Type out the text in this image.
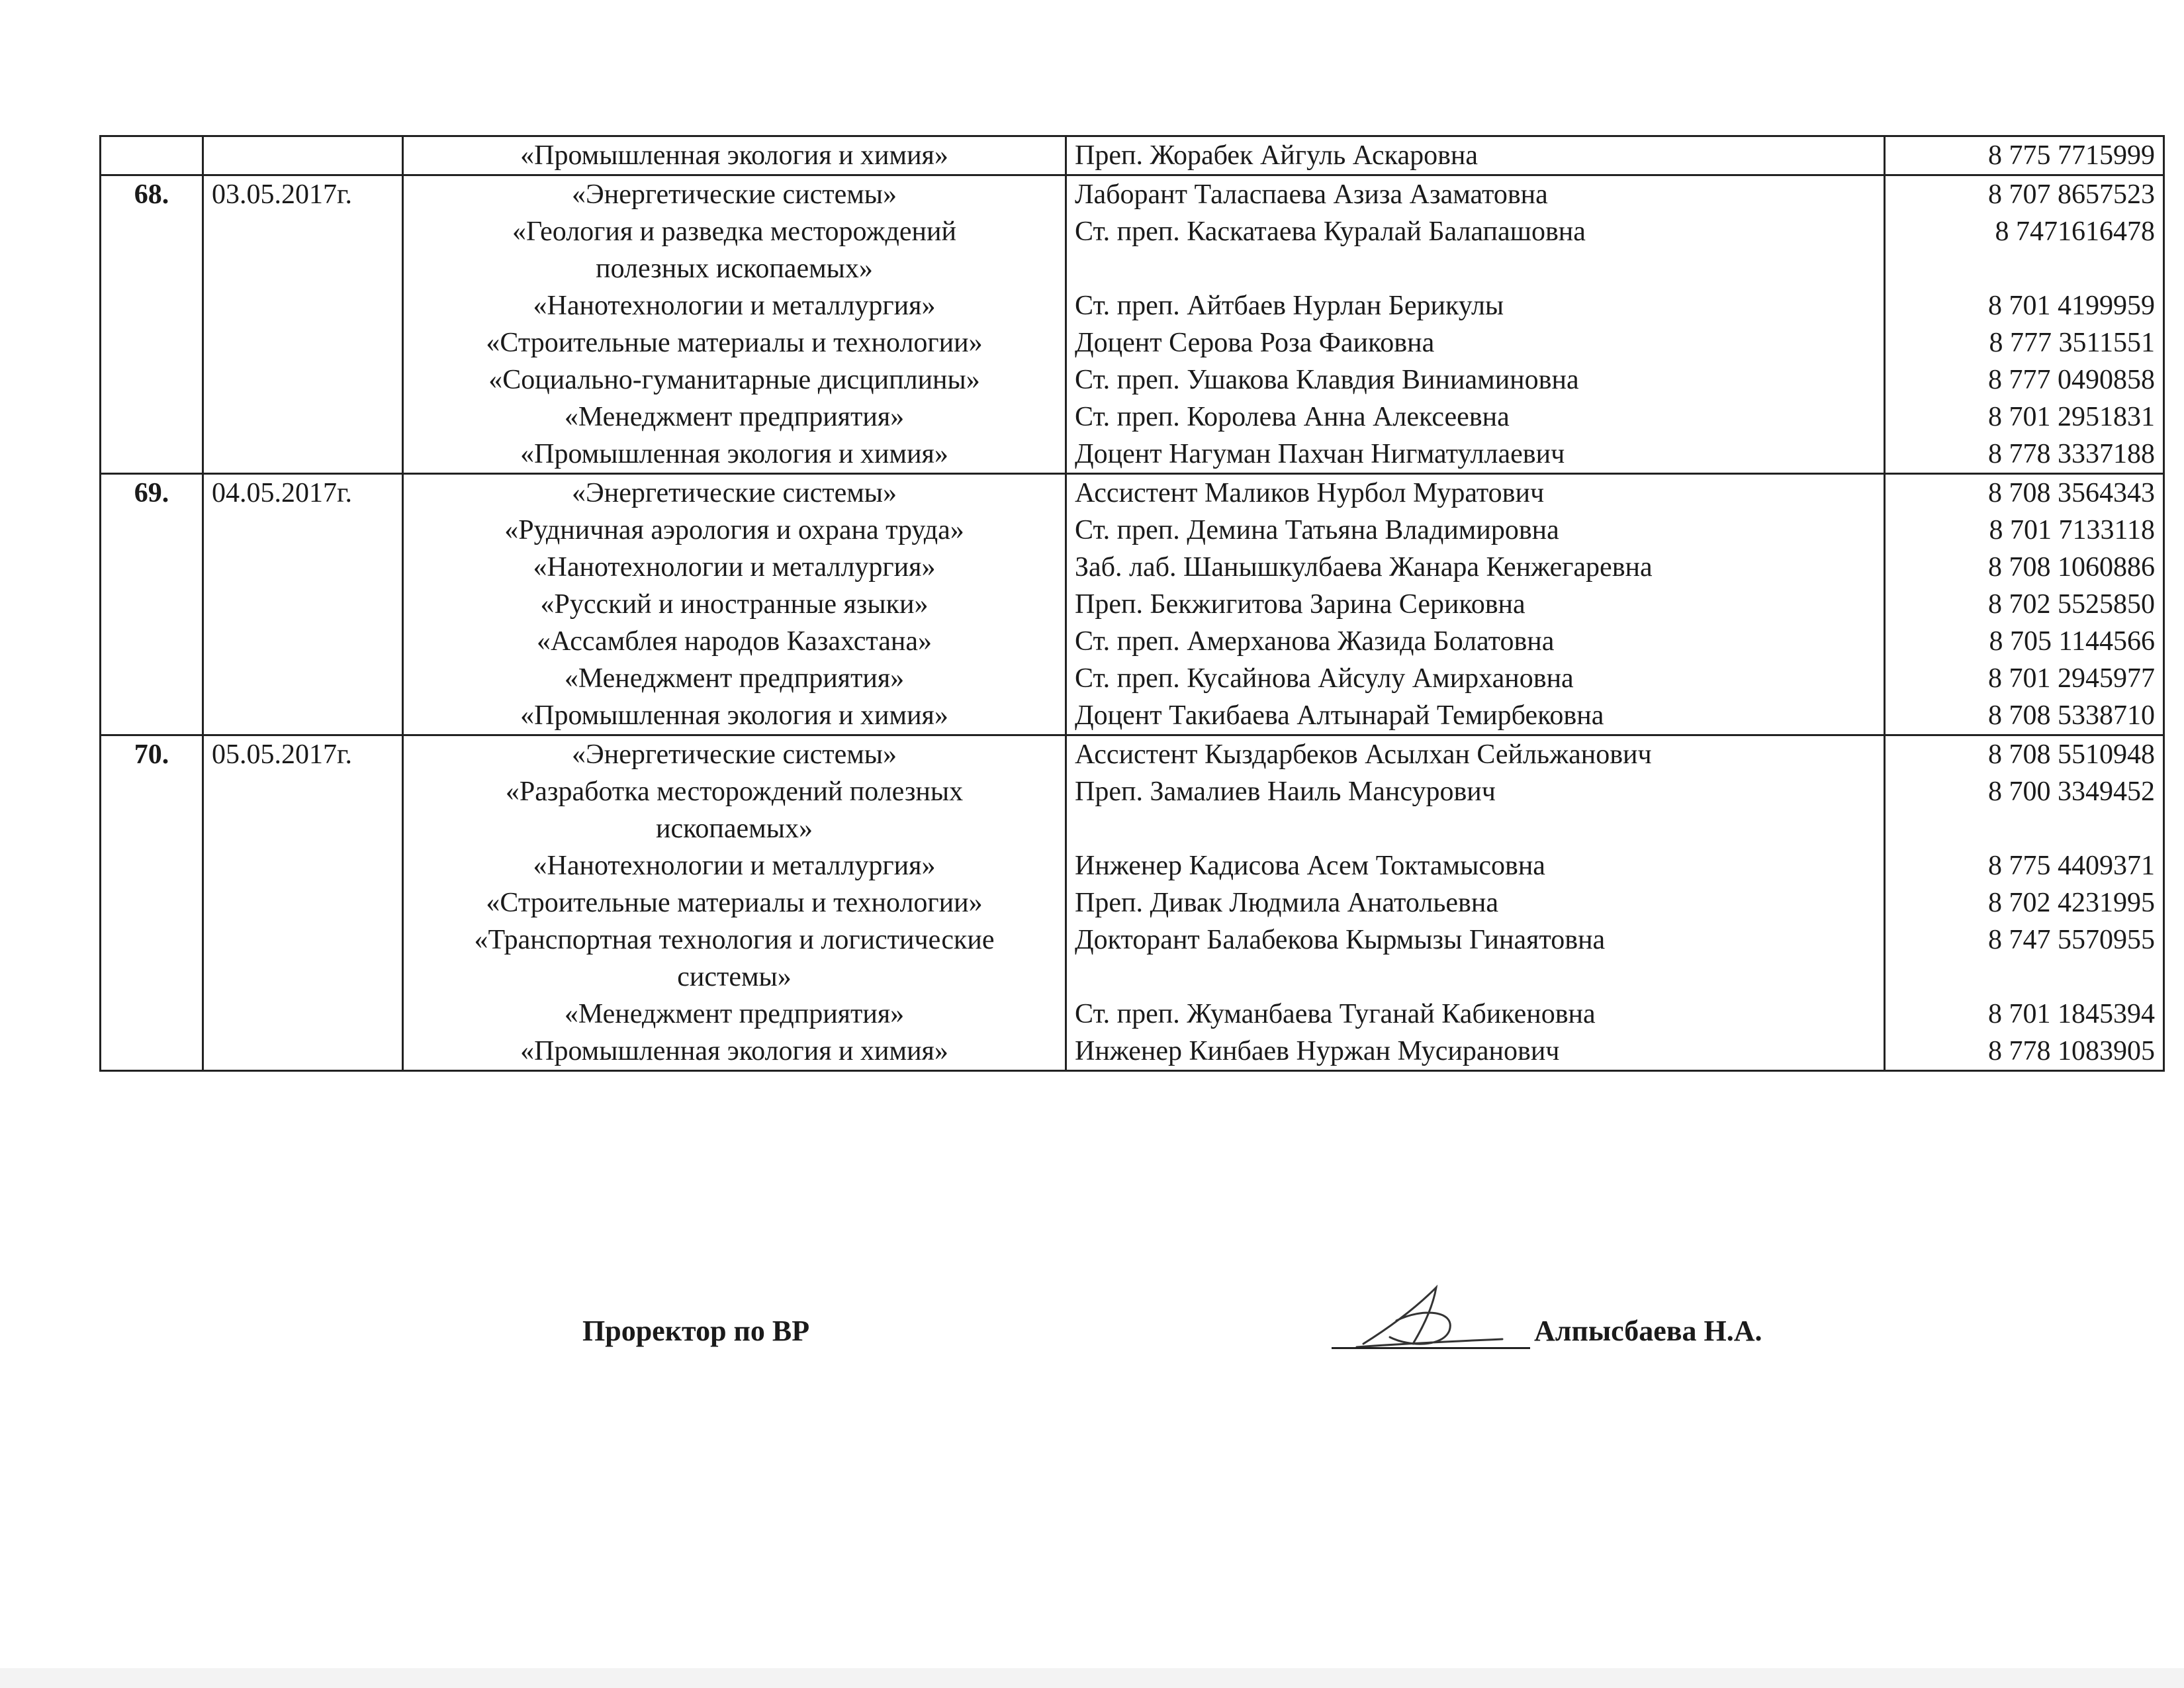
		«Промышленная экология и химия»	Преп. Жорабек Айгуль Аскаровна	8 775 7715999

68.	03.05.2017г.	«Энергетические системы»	Лаборант Таласпаева Азиза Азаматовна	8 707 8657523

		«Геология и разведка месторождений
полезных ископаемых»	Ст. преп. Каскатаева Куралай Балапашовна	8 7471616478

		«Нанотехнологии и металлургия»	Ст. преп. Айтбаев Нурлан Берикулы	8 701 4199959

		«Строительные материалы и технологии»	Доцент Серова Роза Фаиковна	8 777 3511551

		«Социально-гуманитарные дисциплины»	Ст. преп. Ушакова Клавдия Виниаминовна	8 777 0490858

		«Менеджмент предприятия»	Ст. преп. Королева Анна Алексеевна	8 701 2951831

		«Промышленная экология и химия»	Доцент Нагуман Пахчан Нигматуллаевич	8 778 3337188

69.	04.05.2017г.	«Энергетические системы»	Ассистент Маликов Нурбол Муратович	8 708 3564343

		«Рудничная аэрология и охрана труда»	Ст. преп. Демина Татьяна Владимировна	8 701 7133118

		«Нанотехнологии и металлургия»	Заб. лаб. Шанышкулбаева Жанара Кенжегаревна	8 708 1060886

		«Русский и иностранные языки»	Преп. Бекжигитова Зарина Сериковна	8 702 5525850

		«Ассамблея народов Казахстана»	Ст. преп. Амерханова Жазида Болатовна	8 705 1144566

		«Менеджмент предприятия»	Ст. преп. Кусайнова Айсулу Амирхановна	8 701 2945977

		«Промышленная экология и химия»	Доцент Такибаева Алтынарай Темирбековна	8 708 5338710

70.	05.05.2017г.	«Энергетические системы»	Ассистент Кыздарбеков Асылхан Сейльжанович	8 708 5510948

		«Разработка месторождений полезных
ископаемых»	Преп. Замалиев Наиль Мансурович	8 700 3349452

		«Нанотехнологии и металлургия»	Инженер Кадисова Асем Токтамысовна	8 775 4409371

		«Строительные материалы и технологии»	Преп. Дивак Людмила Анатольевна	8 702 4231995

		«Транспортная технология и логистические
системы»	Докторант Балабекова Кырмызы Гинаятовна	8 747 5570955

		«Менеджмент предприятия»	Ст. преп. Жуманбаева Туганай Кабикеновна	8 701 1845394

		«Промышленная экология и химия»	Инженер Кинбаев Нуржан Мусиранович	8 778 1083905
Проректор по ВР	Алпысбаева Н.А.
